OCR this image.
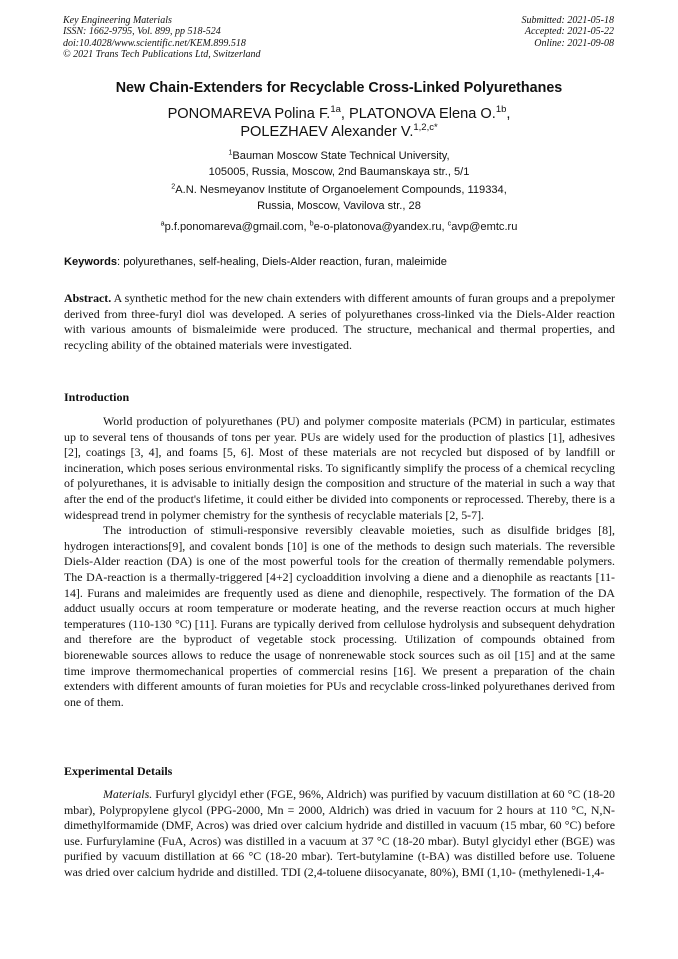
Key Engineering Materials
ISSN: 1662-9795, Vol. 899, pp 518-524
doi:10.4028/www.scientific.net/KEM.899.518
© 2021 Trans Tech Publications Ltd, Switzerland
Submitted: 2021-05-18
Accepted: 2021-05-22
Online: 2021-09-08
New Chain-Extenders for Recyclable Cross-Linked Polyurethanes
PONOMAREVA Polina F.$^{1a}$, PLATONOVA Elena O.$^{1b}$,
POLEZHAEV Alexander V.$^{1,2,c*}$
$^1$Bauman Moscow State Technical University,
105005, Russia, Moscow, 2nd Baumanskaya str., 5/1
$^2$A.N. Nesmeyanov Institute of Organoelement Compounds, 119334,
Russia, Moscow, Vavilova str., 28
$^a$p.f.ponomareva@gmail.com, $^b$e-o-platonova@yandex.ru, $^c$avp@emtc.ru
Keywords: polyurethanes, self-healing, Diels-Alder reaction, furan, maleimide
Abstract. A synthetic method for the new chain extenders with different amounts of furan groups and a prepolymer derived from three-furyl diol was developed. A series of polyurethanes cross-linked via the Diels-Alder reaction with various amounts of bismaleimide were produced. The structure, mechanical and thermal properties, and recycling ability of the obtained materials were investigated.
Introduction

World production of polyurethanes (PU) and polymer composite materials (PCM) in particular, estimates up to several tens of thousands of tons per year. PUs are widely used for the production of plastics [1], adhesives [2], coatings [3, 4], and foams [5, 6]. Most of these materials are not recycled but disposed of by landfill or incineration, which poses serious environmental risks. To significantly simplify the process of a chemical recycling of polyurethanes, it is advisable to initially design the composition and structure of the material in such a way that after the end of the product's lifetime, it could either be divided into components or reprocessed. Thereby, there is a widespread trend in polymer chemistry for the synthesis of recyclable materials [2, 5-7].

The introduction of stimuli-responsive reversibly cleavable moieties, such as disulfide bridges [8], hydrogen interactions[9], and covalent bonds [10] is one of the methods to design such materials. The reversible Diels-Alder reaction (DA) is one of the most powerful tools for the creation of thermally remendable polymers. The DA-reaction is a thermally-triggered [4+2] cycloaddition involving a diene and a dienophile as reactants [11-14]. Furans and maleimides are frequently used as diene and dienophile, respectively. The formation of the DA adduct usually occurs at room temperature or moderate heating, and the reverse reaction occurs at much higher temperatures (110-130 °C) [11]. Furans are typically derived from cellulose hydrolysis and subsequent dehydration and therefore are the byproduct of vegetable stock processing. Utilization of compounds obtained from biorenewable sources allows to reduce the usage of nonrenewable stock sources such as oil [15] and at the same time improve thermomechanical properties of commercial resins [16]. We present a preparation of the chain extenders with different amounts of furan moieties for PUs and recyclable cross-linked polyurethanes derived from one of them.

Experimental Details

Materials. Furfuryl glycidyl ether (FGE, 96%, Aldrich) was purified by vacuum distillation at 60 °C (18-20 mbar), Polypropylene glycol (PPG-2000, Mn = 2000, Aldrich) was dried in vacuum for 2 hours at 110 °C, N,N-dimethylformamide (DMF, Acros) was dried over calcium hydride and distilled in vacuum (15 mbar, 60 °C) before use. Furfurylamine (FuA, Acros) was distilled in a vacuum at 37 °C (18-20 mbar). Butyl glycidyl ether (BGE) was purified by vacuum distillation at 66 °C (18-20 mbar). Tert-butylamine (t-BA) was distilled before use. Toluene was dried over calcium hydride and distilled. TDI (2,4-toluene diisocyanate, 80%), BMI (1,10- (methylenedi-1,4-
